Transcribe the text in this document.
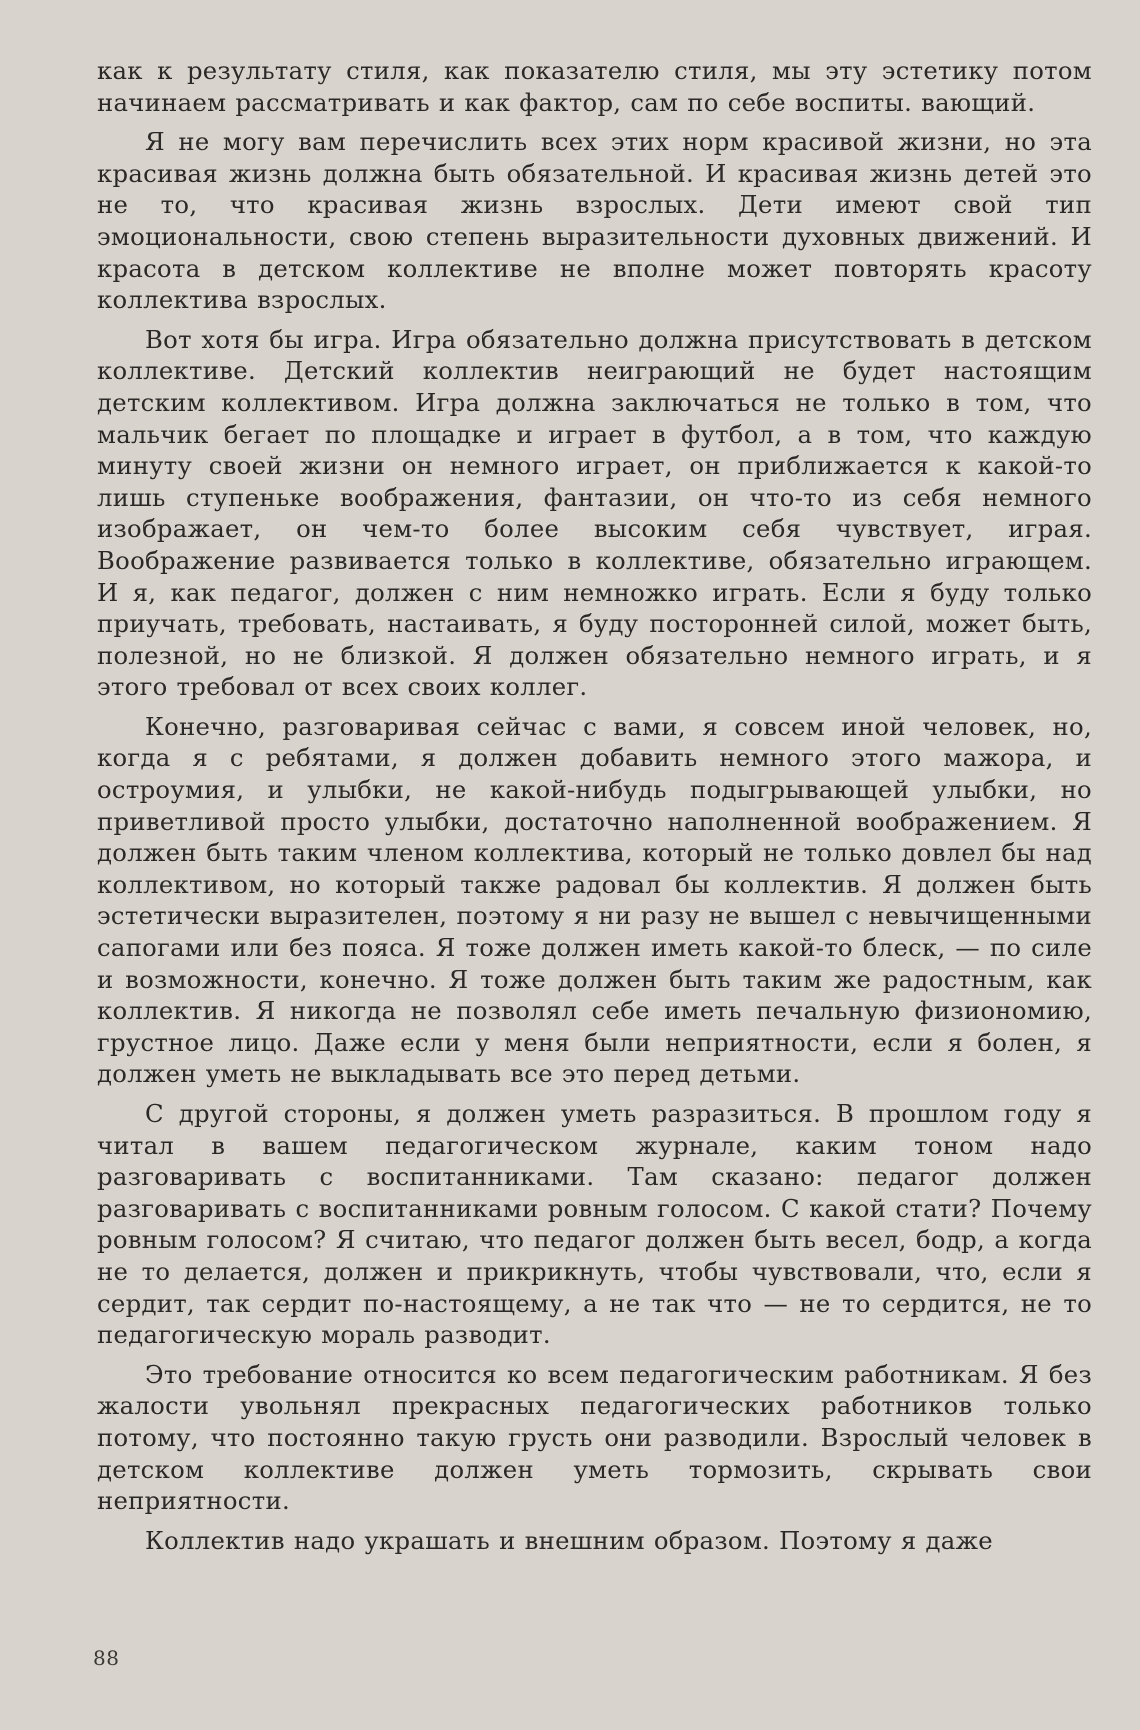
как к результату стиля, как показателю стиля, мы эту эстетику потом начинаем рассматривать и как фактор, сам по себе воспиты. вающий.

Я не могу вам перечислить всех этих норм красивой жизни, но эта красивая жизнь должна быть обязательной. И красивая жизнь детей это не то, что красивая жизнь взрослых. Дети имеют свой тип эмоциональности, свою степень выразительности духовных движений. И красота в детском коллективе не вполне может повторять красоту коллектива взрослых.

Вот хотя бы игра. Игра обязательно должна присутствовать в детском коллективе. Детский коллектив неиграющий не будет настоящим детским коллективом. Игра должна заключаться не только в том, что мальчик бегает по площадке и играет в футбол, а в том, что каждую минуту своей жизни он немного играет, он приближается к какой-то лишь ступеньке воображения, фантазии, он что-то из себя немного изображает, он чем-то более высоким себя чувствует, играя. Воображение развивается только в коллективе, обязательно играющем. И я, как педагог, должен с ним немножко играть. Если я буду только приучать, требовать, настаивать, я буду посторонней силой, может быть, полезной, но не близкой. Я должен обязательно немного играть, и я этого требовал от всех своих коллег.

Конечно, разговаривая сейчас с вами, я совсем иной человек, но, когда я с ребятами, я должен добавить немного этого мажора, и остроумия, и улыбки, не какой-нибудь подыгрывающей улыбки, но приветливой просто улыбки, достаточно наполненной воображением. Я должен быть таким членом коллектива, который не только довлел бы над коллективом, но который также радовал бы коллектив. Я должен быть эстетически выразителен, поэтому я ни разу не вышел с невычищенными сапогами или без пояса. Я тоже должен иметь какой-то блеск, — по силе и возможности, конечно. Я тоже должен быть таким же радостным, как коллектив. Я никогда не позволял себе иметь печальную физиономию, грустное лицо. Даже если у меня были неприятности, если я болен, я должен уметь не выкладывать все это перед детьми.

С другой стороны, я должен уметь разразиться. В прошлом году я читал в вашем педагогическом журнале, каким тоном надо разговаривать с воспитанниками. Там сказано: педагог должен разговаривать с воспитанниками ровным голосом. С какой стати? Почему ровным голосом? Я считаю, что педагог должен быть весел, бодр, а когда не то делается, должен и прикрикнуть, чтобы чувствовали, что, если я сердит, так сердит по-настоящему, а не так что — не то сердится, не то педагогическую мораль разводит.

Это требование относится ко всем педагогическим работникам. Я без жалости увольнял прекрасных педагогических работников только потому, что постоянно такую грусть они разводили. Взрослый человек в детском коллективе должен уметь тормозить, скрывать свои неприятности.

Коллектив надо украшать и внешним образом. Поэтому я даже

88
